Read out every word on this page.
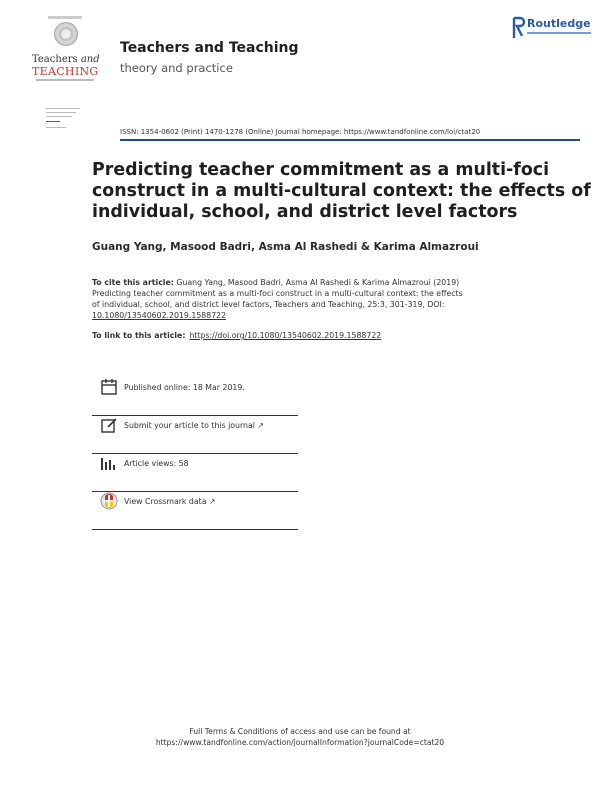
Teachers and
TEACHING
Teachers and Teaching
theory and practice
Routledge
ISSN: 1354-0602 (Print) 1470-1278 (Online) Journal homepage: https://www.tandfonline.com/loi/ctat20
Predicting teacher commitment as a multi-foci
construct in a multi-cultural context: the effects of
individual, school, and district level factors
Guang Yang, Masood Badri, Asma Al Rashedi & Karima Almazroui
To cite this article: Guang Yang, Masood Badri, Asma Al Rashedi & Karima Almazroui (2019)
Predicting teacher commitment as a multi-foci construct in a multi-cultural context: the effects
of individual, school, and district level factors, Teachers and Teaching, 25:3, 301-319, DOI:
10.1080/13540602.2019.1588722
To link to this article: https://doi.org/10.1080/13540602.2019.1588722
Published online: 18 Mar 2019.
Submit your article to this journal ↗
Article views: 58
View Crossmark data ↗
Full Terms & Conditions of access and use can be found at
https://www.tandfonline.com/action/journalInformation?journalCode=ctat20
